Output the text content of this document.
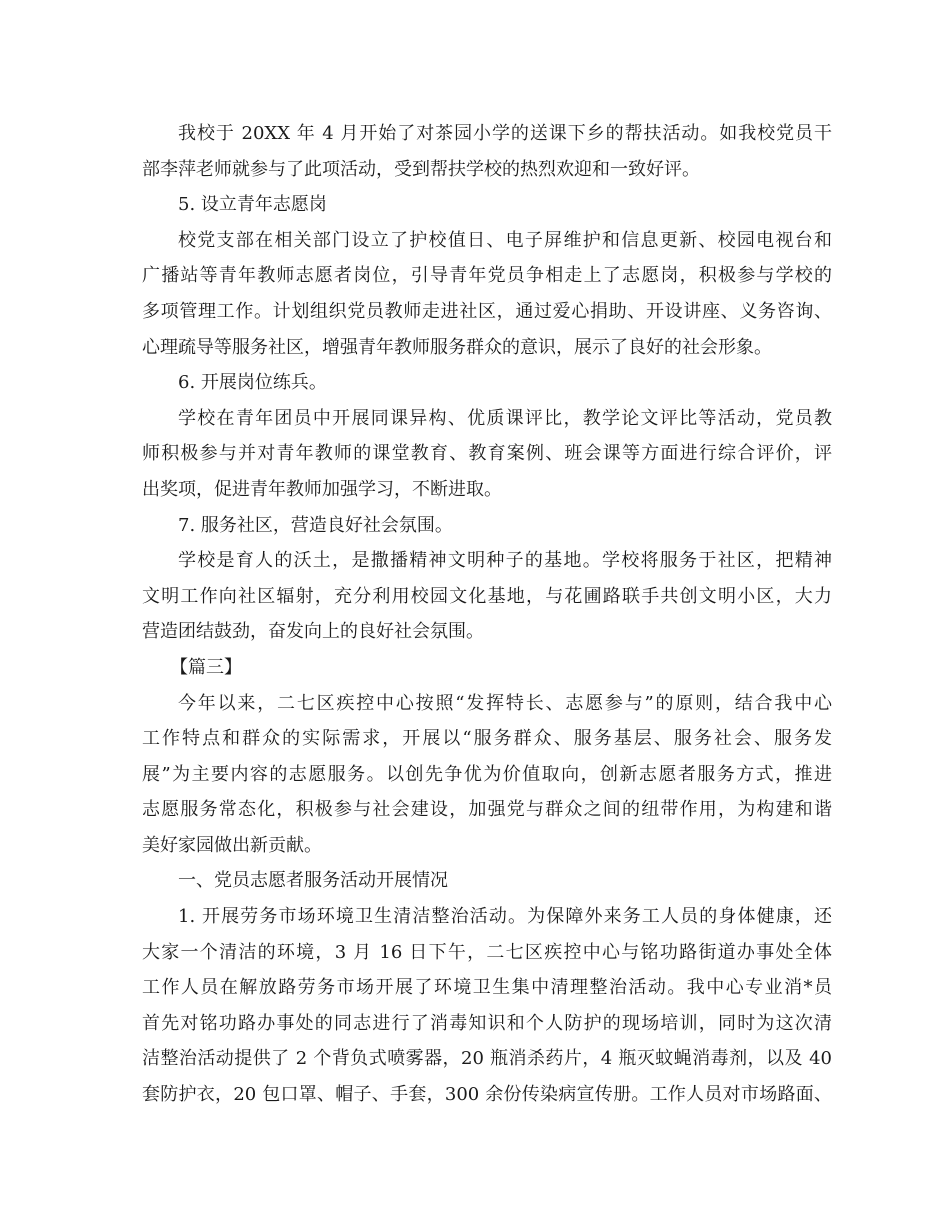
我校于 20XX 年 4 月开始了对茶园小学的送课下乡的帮扶活动。如我校党员干
部李萍老师就参与了此项活动，受到帮扶学校的热烈欢迎和一致好评。
5. 设立青年志愿岗
校党支部在相关部门设立了护校值日、电子屏维护和信息更新、校园电视台和
广播站等青年教师志愿者岗位，引导青年党员争相走上了志愿岗，积极参与学校的
多项管理工作。计划组织党员教师走进社区，通过爱心捐助、开设讲座、义务咨询、
心理疏导等服务社区，增强青年教师服务群众的意识，展示了良好的社会形象。
6. 开展岗位练兵。
学校在青年团员中开展同课异构、优质课评比，教学论文评比等活动，党员教
师积极参与并对青年教师的课堂教育、教育案例、班会课等方面进行综合评价，评
出奖项，促进青年教师加强学习，不断进取。
7. 服务社区，营造良好社会氛围。
学校是育人的沃土，是撒播精神文明种子的基地。学校将服务于社区，把精神
文明工作向社区辐射，充分利用校园文化基地，与花圃路联手共创文明小区，大力
营造团结鼓劲，奋发向上的良好社会氛围。
【篇三】
今年以来，二七区疾控中心按照“发挥特长、志愿参与”的原则，结合我中心
工作特点和群众的实际需求，开展以“服务群众、服务基层、服务社会、服务发
展”为主要内容的志愿服务。以创先争优为价值取向，创新志愿者服务方式，推进
志愿服务常态化，积极参与社会建设，加强党与群众之间的纽带作用，为构建和谐
美好家园做出新贡献。
一、党员志愿者服务活动开展情况
1. 开展劳务市场环境卫生清洁整治活动。为保障外来务工人员的身体健康，还
大家一个清洁的环境，3 月 16 日下午，二七区疾控中心与铭功路街道办事处全体
工作人员在解放路劳务市场开展了环境卫生集中清理整治活动。我中心专业消*员
首先对铭功路办事处的同志进行了消毒知识和个人防护的现场培训，同时为这次清
洁整治活动提供了 2 个背负式喷雾器，20 瓶消杀药片，4 瓶灭蚊蝇消毒剂，以及 40
套防护衣，20 包口罩、帽子、手套，300 余份传染病宣传册。工作人员对市场路面、
